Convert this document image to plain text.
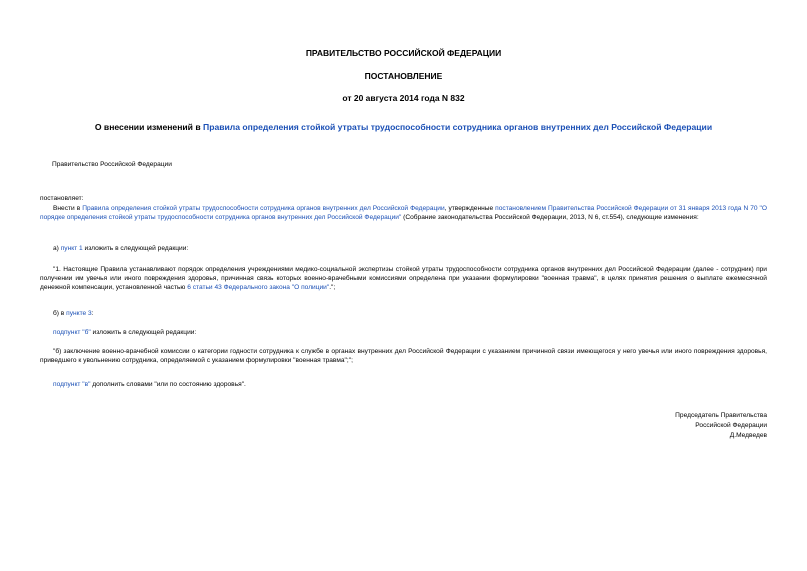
ПРАВИТЕЛЬСТВО РОССИЙСКОЙ ФЕДЕРАЦИИ
ПОСТАНОВЛЕНИЕ
от 20 августа 2014 года N 832
О внесении изменений в Правила определения стойкой утраты трудоспособности сотрудника органов внутренних дел Российской Федерации
Правительство Российской Федерации
постановляет:
Внести в Правила определения стойкой утраты трудоспособности сотрудника органов внутренних дел Российской Федерации, утвержденные постановлением Правительства Российской Федерации от 31 января 2013 года N 70 "О порядке определения стойкой утраты трудоспособности сотрудника органов внутренних дел Российской Федерации" (Собрание законодательства Российской Федерации, 2013, N 6, ст.554), следующие изменения:
а) пункт 1 изложить в следующей редакции:
"1. Настоящие Правила устанавливают порядок определения учреждениями медико-социальной экспертизы стойкой утраты трудоспособности сотрудника органов внутренних дел Российской Федерации (далее - сотрудник) при получении им увечья или иного повреждения здоровья, причинная связь которых военно-врачебными комиссиями определена при указании формулировки "военная травма", в целях принятия решения о выплате ежемесячной денежной компенсации, установленной частью 6 статьи 43 Федерального закона "О полиции".";
б) в пункте 3:
подпункт "б" изложить в следующей редакции:
"б) заключение военно-врачебной комиссии о категории годности сотрудника к службе в органах внутренних дел Российской Федерации с указанием причинной связи имеющегося у него увечья или иного повреждения здоровья, приведшего к увольнению сотрудника, определяемой с указанием формулировки "военная травма";";
подпункт "в" дополнить словами "или по состоянию здоровья".
Председатель Правительства
Российской Федерации
Д.Медведев
